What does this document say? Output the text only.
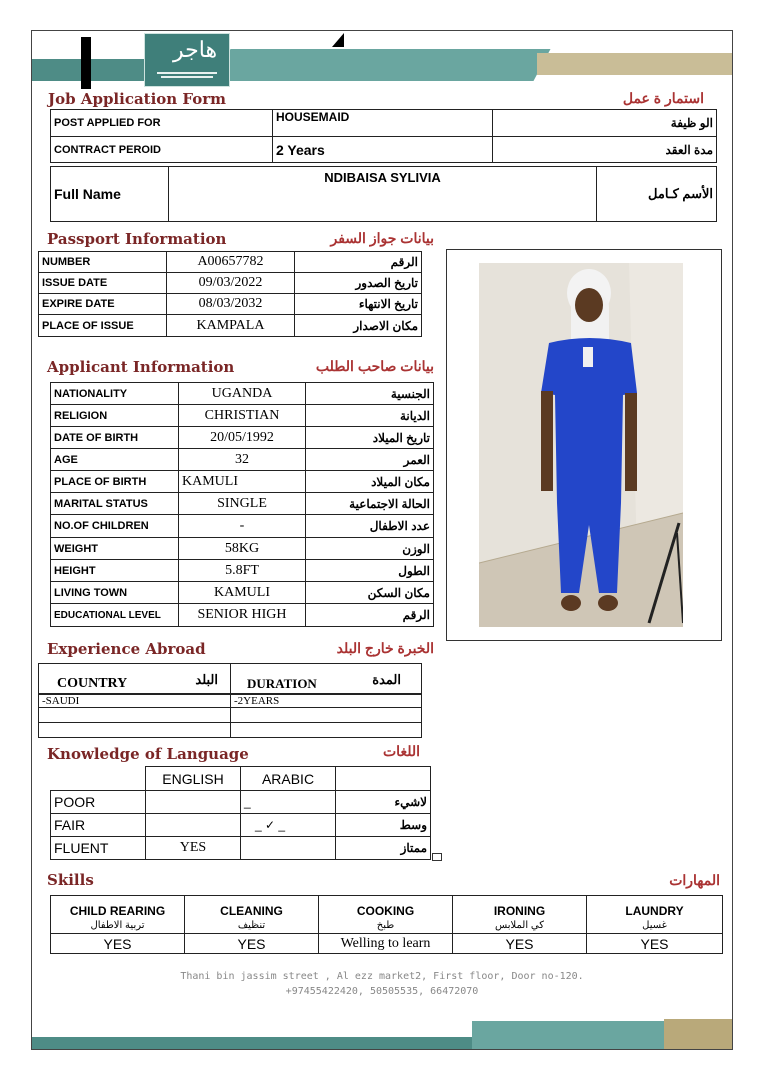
ﻫﺎﺟﺮ
Job Application Form	استمار ة عمل
POST APPLIED FOR	HOUSEMAID	الو ظيفة
CONTRACT PEROID	2 Years	مدة العقد
Full Name	NDIBAISA SYLIVIA	الأسم كـامل
Passport Information	بيانات جواز السفر
NUMBER	A00657782	الرقم
ISSUE DATE	09/03/2022	تاريخ الصدور
EXPIRE DATE	08/03/2032	تاريخ الانتهاء
PLACE OF ISSUE	KAMPALA	مكان الاصدار
Applicant Information	بيانات صاحب الطلب
NATIONALITY	UGANDA	الجنسية
RELIGION	CHRISTIAN	الديانة
DATE OF BIRTH	20/05/1992	تاريخ الميلاد
AGE	32	العمر
PLACE OF BIRTH	KAMULI	مكان الميلاد
MARITAL STATUS	SINGLE	الحالة الاجتماعية
NO.OF CHILDREN	-	عدد الاطفال
WEIGHT	58KG	الوزن
HEIGHT	5.8FT	الطول
LIVING TOWN	KAMULI	مكان السكن
EDUCATIONAL LEVEL	SENIOR HIGH	الرقم
Experience Abroad	الخبرة خارج البلد
COUNTRY البلد	DURATION المدة

-SAUDI	-2YEARS

Knowledge of Language	اللغات
	ENGLISH	ARABIC	
POOR		_	لاشيء
FAIR		_ ✓ _	وسط
FLUENT	YES		ممتاز
Skills	المهارات
CHILD REARING	CLEANING	COOKING	IRONING	LAUNDRY
تربية الاطفال	تنظيف	طبخ	كي الملابس	غسيل
YES	YES	Welling to learn	YES	YES
Thani bin jassim street , Al ezz market2, First floor, Door no-120.
+97455422420, 50505535, 66472070
